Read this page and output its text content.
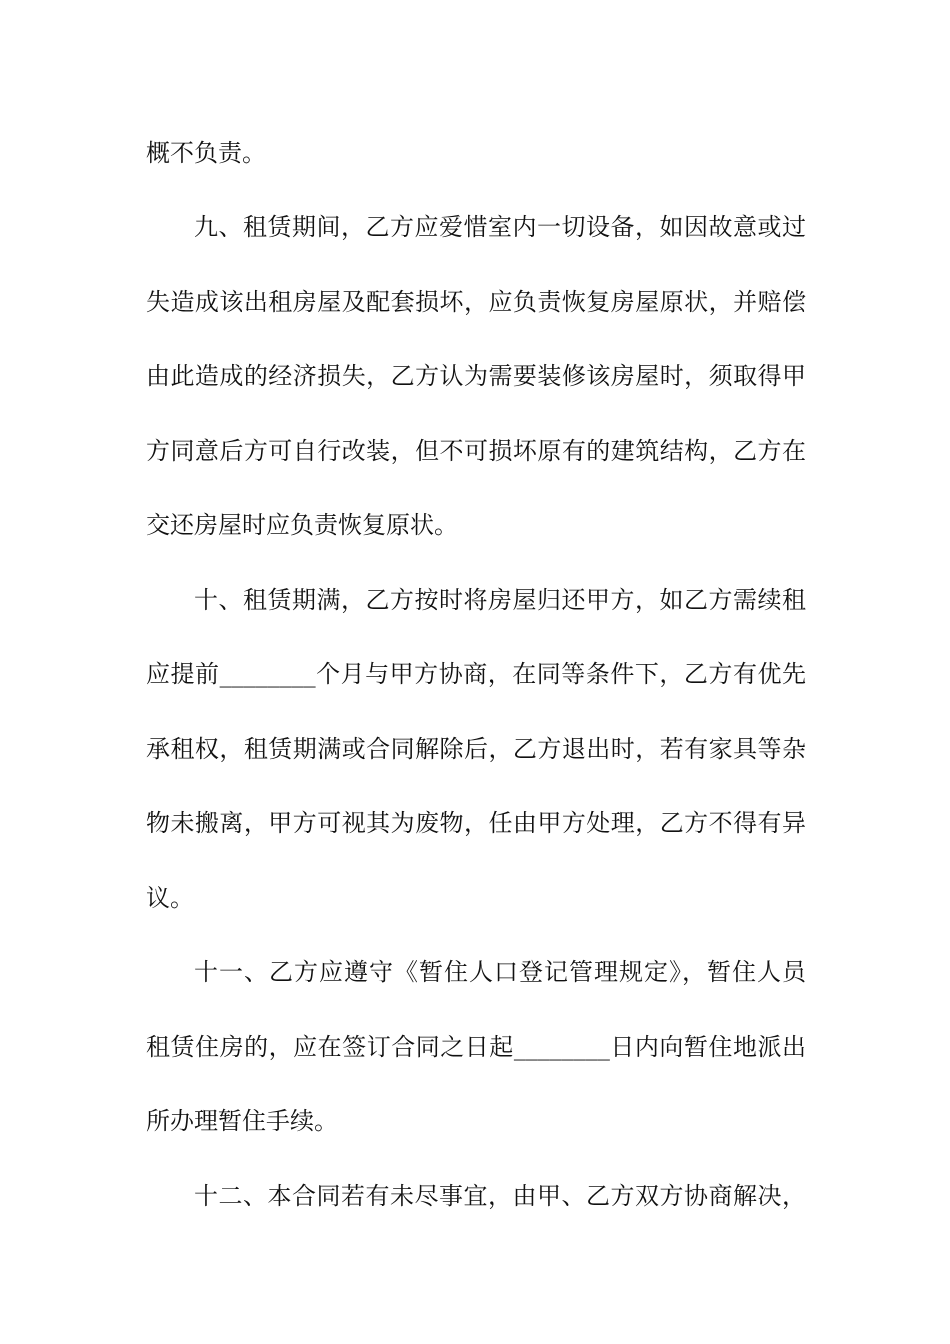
概不负责。
九、租赁期间，乙方应爱惜室内一切设备，如因故意或过
失造成该出租房屋及配套损坏，应负责恢复房屋原状，并赔偿
由此造成的经济损失，乙方认为需要装修该房屋时，须取得甲
方同意后方可自行改装，但不可损坏原有的建筑结构，乙方在
交还房屋时应负责恢复原状。
十、租赁期满，乙方按时将房屋归还甲方，如乙方需续租
应提前________个月与甲方协商，在同等条件下，乙方有优先
承租权，租赁期满或合同解除后，乙方退出时，若有家具等杂
物未搬离，甲方可视其为废物，任由甲方处理，乙方不得有异
议。
十一、乙方应遵守《暂住人口登记管理规定》，暂住人员
租赁住房的，应在签订合同之日起________日内向暂住地派出
所办理暂住手续。
十二、本合同若有未尽事宜，由甲、乙方双方协商解决，
